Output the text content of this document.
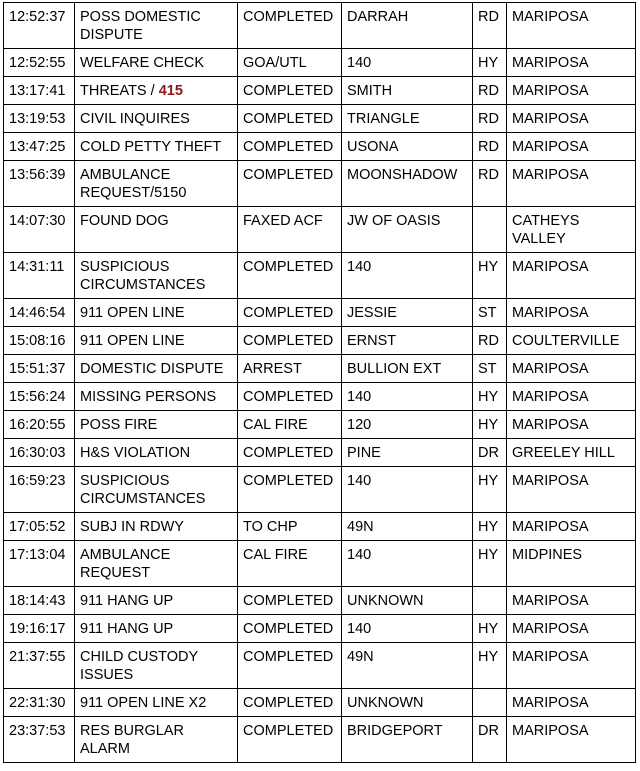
12:52:37	POSS DOMESTIC DISPUTE	COMPLETED	DARRAH	RD	MARIPOSA
12:52:55	WELFARE CHECK	GOA/UTL	140	HY	MARIPOSA
13:17:41	THREATS / 415	COMPLETED	SMITH	RD	MARIPOSA
13:19:53	CIVIL INQUIRES	COMPLETED	TRIANGLE	RD	MARIPOSA
13:47:25	COLD PETTY THEFT	COMPLETED	USONA	RD	MARIPOSA
13:56:39	AMBULANCE REQUEST/5150	COMPLETED	MOONSHADOW	RD	MARIPOSA
14:07:30	FOUND DOG	FAXED ACF	JW OF OASIS		CATHEYS VALLEY
14:31:11	SUSPICIOUS CIRCUMSTANCES	COMPLETED	140	HY	MARIPOSA
14:46:54	911 OPEN LINE	COMPLETED	JESSIE	ST	MARIPOSA
15:08:16	911 OPEN LINE	COMPLETED	ERNST	RD	COULTERVILLE
15:51:37	DOMESTIC DISPUTE	ARREST	BULLION EXT	ST	MARIPOSA
15:56:24	MISSING PERSONS	COMPLETED	140	HY	MARIPOSA
16:20:55	POSS FIRE	CAL FIRE	120	HY	MARIPOSA
16:30:03	H&S VIOLATION	COMPLETED	PINE	DR	GREELEY HILL
16:59:23	SUSPICIOUS CIRCUMSTANCES	COMPLETED	140	HY	MARIPOSA
17:05:52	SUBJ IN RDWY	TO CHP	49N	HY	MARIPOSA
17:13:04	AMBULANCE REQUEST	CAL FIRE	140	HY	MIDPINES
18:14:43	911 HANG UP	COMPLETED	UNKNOWN		MARIPOSA
19:16:17	911 HANG UP	COMPLETED	140	HY	MARIPOSA
21:37:55	CHILD CUSTODY ISSUES	COMPLETED	49N	HY	MARIPOSA
22:31:30	911 OPEN LINE X2	COMPLETED	UNKNOWN		MARIPOSA
23:37:53	RES BURGLAR ALARM	COMPLETED	BRIDGEPORT	DR	MARIPOSA
